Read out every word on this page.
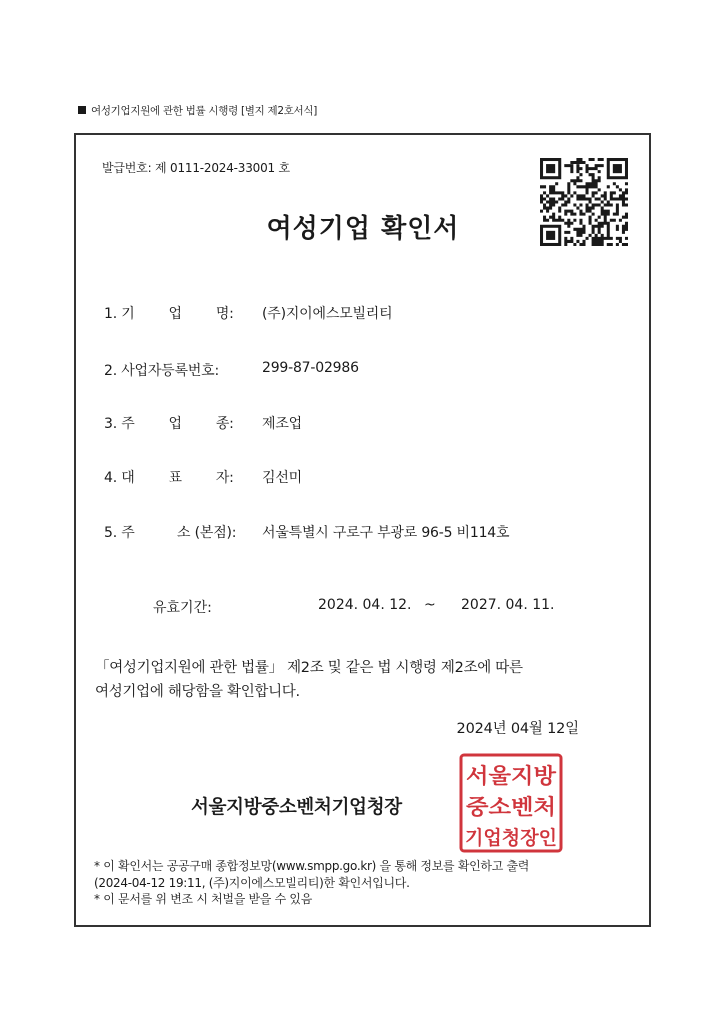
여성기업지원에 관한 법률 시행령 [별지 제2호서식]
발급번호: 제 0111-2024-33001 호
여성기업 확인서
1. 기        업        명: (주)지이에스모빌리티
2. 사업자등록번호:	299-87-02986
3. 주        업        종: 제조업
4. 대        표        자: 김선미
5. 주          소 (본점): 서울특별시 구로구 부광로 96-5 비114호
유효기간:	2024. 04. 12. ~ 2027. 04. 11.
「여성기업지원에 관한 법률」 제2조 및 같은 법 시행령 제2조에 따른
여성기업에 해당함을 확인합니다.
2024년 04월 12일
서울지방중소벤처기업청장
서울지방
중소벤처
기업청장인
* 이 확인서는 공공구매 종합정보망(www.smpp.go.kr) 을 통해 정보를 확인하고 출력
(2024-04-12 19:11, (주)지이에스모빌리티)한 확인서입니다.
* 이 문서를 위 변조 시 처벌을 받을 수 있음
